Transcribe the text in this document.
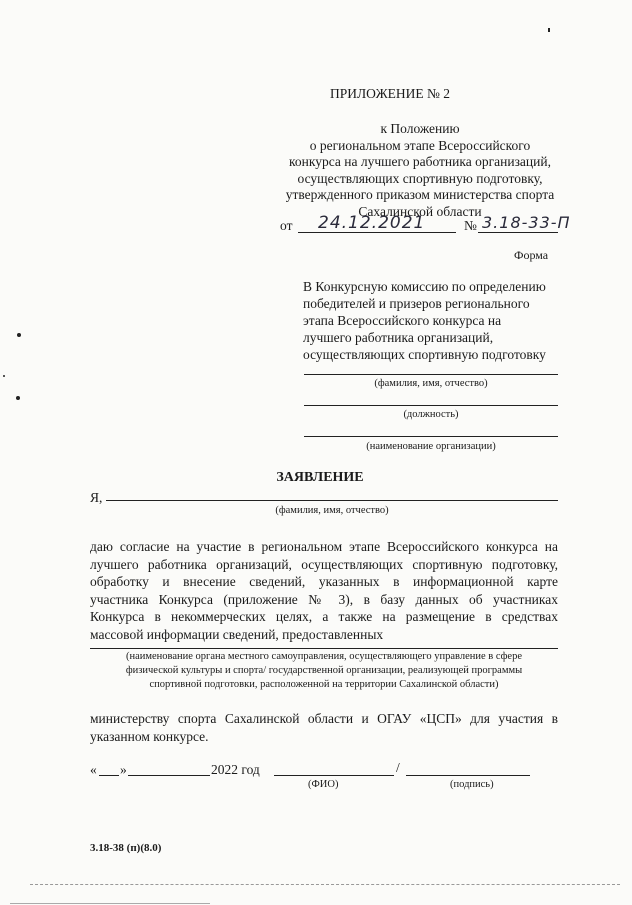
ПРИЛОЖЕНИЕ № 2
к Положению
о региональном этапе Всероссийского
конкурса на лучшего работника организаций,
осуществляющих спортивную подготовку,
утвержденного приказом министерства спорта
Сахалинской области
от 24.12.2021	№ 3.18-33-П
Форма
В Конкурсную комиссию по определению
победителей и призеров регионального
этапа Всероссийского конкурса на
лучшего работника организаций,
осуществляющих спортивную подготовку
(фамилия, имя, отчество)
(должность)
(наименование организации)
ЗАЯВЛЕНИЕ
Я,
(фамилия, имя, отчество)
даю согласие на участие в региональном этапе Всероссийского конкурса на
лучшего работника организаций, осуществляющих спортивную подготовку,
обработку и внесение сведений, указанных в информационной карте
участника Конкурса (приложение № 3), в базу данных об участниках
Конкурса в некоммерческих целях, а также на размещение в средствах
массовой информации сведений, предоставленных
(наименование органа местного самоуправления, осуществляющего управление в сфере
физической культуры и спорта/ государственной организации, реализующей программы
спортивной подготовки, расположенной на территории Сахалинской области)
министерству спорта Сахалинской области и ОГАУ «ЦСП» для участия в
указанном конкурсе.
« »	2022 год	/
(ФИО)	(подпись)
3.18-38 (п)(8.0)
